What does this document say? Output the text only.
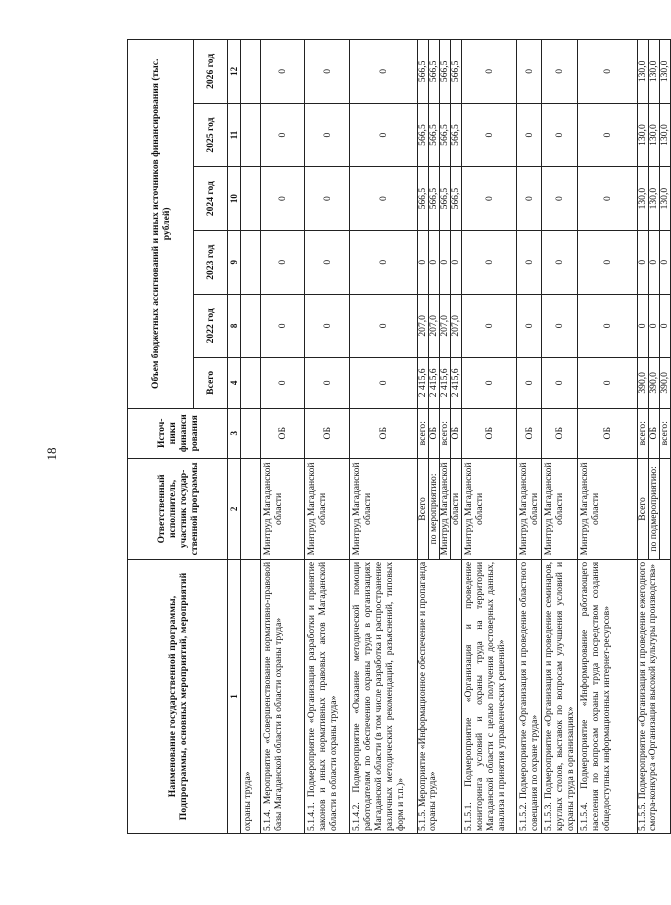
18
Наименование государственной программы, Подпрограммы, основных мероприятий, мероприятий	Ответственный исполнитель, участник государ-ственной программы	Источ-ники финанси рования	Объем бюджетных ассигнований и иных источников финансирования (тыс. рублей)					
			Всего	2022 год	2023 год	2024 год	2025 год	2026 год
1	2	3	4	8	9	10	11	12
охраны труда»								
5.1.4. Мероприятие «Совершенствование нормативно-правовой базы Магаданской области в области охраны труда»	Минтруд Магаданской области	ОБ	0	0	0	0	0	0
5.1.4.1. Подмероприятие «Организация разработки и принятие законов и иных нормативных правовых актов Магаданской области в области охраны труда»	Минтруд Магаданской области	ОБ	0	0	0	0	0	0
5.1.4.2. Подмероприятие «Оказание методической помощи работодателям по обеспечению охраны труда в организациях Магаданской области (в том числе разработка и распространение различных методических рекомендаций, разъяснений, типовых форм и т.п.)»	Минтруд Магаданской области	ОБ	0	0	0	0	0	0
5.1.5. Мероприятие «Информационное обеспечение и пропаганда охраны труда»	Всего	всего:	2 415,6	207,0	0	566,5	566,5	566,5
	по мероприятию:	ОБ	2 415,6	207,0	0	566,5	566,5	566,5
	Минтруд Магаданской	всего:	2 415,6	207,0	0	566,5	566,5	566,5
	области	ОБ	2 415,6	207,0	0	566,5	566,5	566,5
5.1.5.1. Подмероприятие «Организация и проведение мониторинга условий и охраны труда на территории Магаданской области с целью получения достоверных данных, анализа и принятия управленческих решений»	Минтруд Магаданской области	ОБ	0	0	0	0	0	0
5.1.5.2. Подмероприятие «Организация и проведение областного совещания по охране труда»	Минтруд Магаданской области	ОБ	0	0	0	0	0	0
5.1.5.3. Подмероприятие «Организация и проведение семинаров, круглых столов, выставок по вопросам улучшения условий и охраны труда в организациях»	Минтруд Магаданской области	ОБ	0	0	0	0	0	0
5.1.5.4. Подмероприятие «Информирование работающего населения по вопросам охраны труда посредством создания общедоступных информационных интернет-ресурсов»	Минтруд Магаданской области	ОБ	0	0	0	0	0	0
5.1.5.5. Подмероприятие «Организация и проведение ежегодного смотра-конкурса «Организация высокой культуры производства»	Всего	всего:	390,0	0	0	130,0	130,0	130,0
	по подмероприятию:	ОБ	390,0	0	0	130,0	130,0	130,0
		всего:	390,0	0	0	130,0	130,0	130,0
